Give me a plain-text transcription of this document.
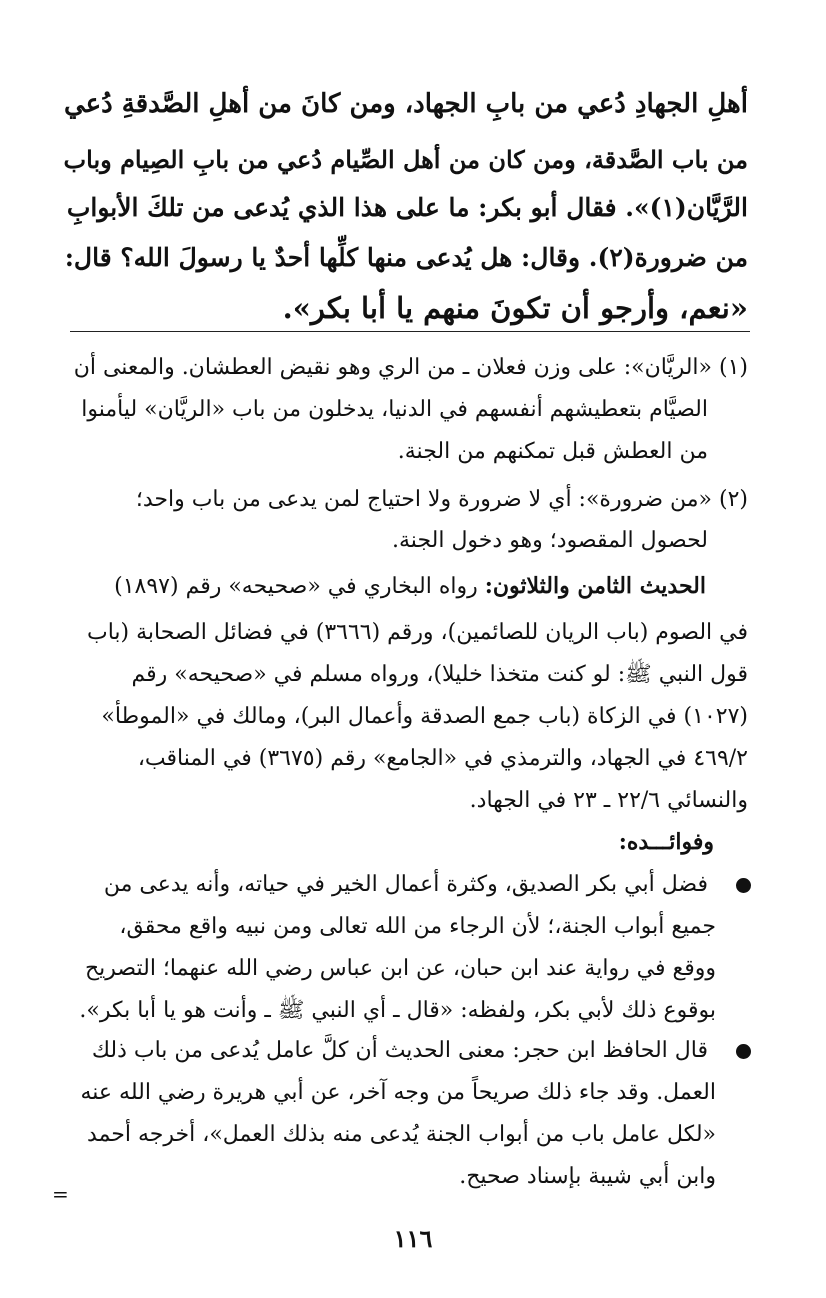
أهلِ الجهادِ دُعي من بابِ الجهاد، ومن كانَ من أهلِ الصَّدقةِ دُعي
من باب الصَّدقة، ومن كان من أهل الصِّيام دُعي من بابِ الصِيام وباب
الرَّيَّان(١)». فقال أبو بكر: ما على هذا الذي يُدعى من تلكَ الأبوابِ
من ضرورة(٢). وقال: هل يُدعى منها كلِّها أحدٌ يا رسولَ الله؟ قال:
«نعم، وأرجو أن تكونَ منهم يا أبا بكر».
(١) «الريَّان»: على وزن فعلان ـ من الري وهو نقيض العطشان. والمعنى أن
الصيَّام بتعطيشهم أنفسهم في الدنيا، يدخلون من باب «الريَّان» ليأمنوا
من العطش قبل تمكنهم من الجنة.
(٢) «من ضرورة»: أي لا ضرورة ولا احتياج لمن يدعى من باب واحد؛
لحصول المقصود؛ وهو دخول الجنة.
الحديث الثامن والثلاثون: رواه البخاري في «صحيحه» رقم (١٨٩٧)
في الصوم (باب الريان للصائمين)، ورقم (٣٦٦٦) في فضائل الصحابة (باب
قول النبي ﷺ: لو كنت متخذا خليلا)، ورواه مسلم في «صحيحه» رقم
(١٠٢٧) في الزكاة (باب جمع الصدقة وأعمال البر)، ومالك في «الموطأ»
٤٦٩/٢ في الجهاد، والترمذي في «الجامع» رقم (٣٦٧٥) في المناقب،
والنسائي ٢٢/٦ ـ ٢٣ في الجهاد.
وفوائـــده:
فضل أبي بكر الصديق، وكثرة أعمال الخير في حياته، وأنه يدعى من
جميع أبواب الجنة،؛ لأن الرجاء من الله تعالى ومن نبيه واقع محقق،
ووقع في رواية عند ابن حبان، عن ابن عباس رضي الله عنهما؛ التصريح
بوقوع ذلك لأبي بكر، ولفظه: «قال ـ أي النبي ﷺ ـ وأنت هو يا أبا بكر».
قال الحافظ ابن حجر: معنى الحديث أن كلَّ عامل يُدعى من باب ذلك
العمل. وقد جاء ذلك صريحاً من وجه آخر، عن أبي هريرة رضي الله عنه
«لكل عامل باب من أبواب الجنة يُدعى منه بذلك العمل»، أخرجه أحمد
وابن أبي شيبة بإسناد صحيح.
=
١١٦
